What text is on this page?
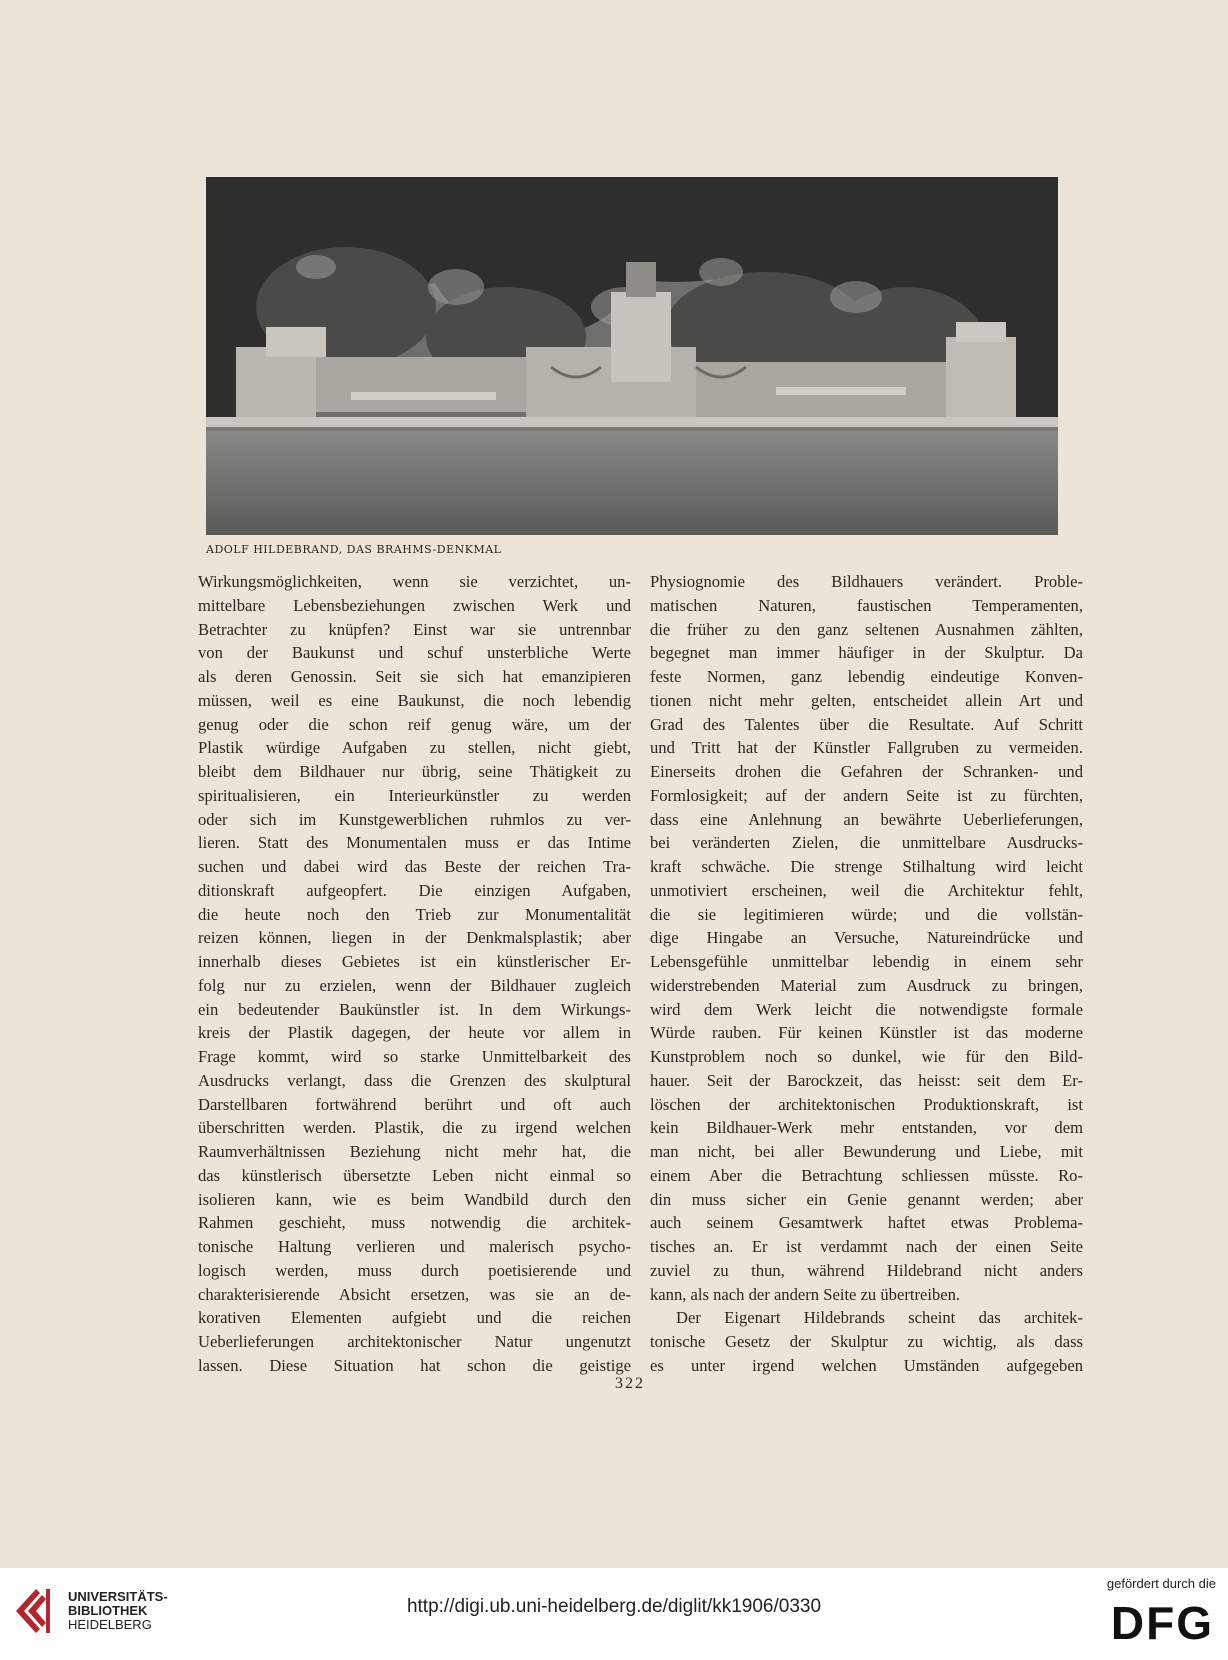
ADOLF HILDEBRAND, DAS BRAHMS-DENKMAL
Wirkungsmöglichkeiten, wenn sie verzichtet, un-
mittelbare Lebensbeziehungen zwischen Werk und
Betrachter zu knüpfen? Einst war sie untrennbar
von der Baukunst und schuf unsterbliche Werte
als deren Genossin. Seit sie sich hat emanzipieren
müssen, weil es eine Baukunst, die noch lebendig
genug oder die schon reif genug wäre, um der
Plastik würdige Aufgaben zu stellen, nicht giebt,
bleibt dem Bildhauer nur übrig, seine Thätigkeit zu
spiritualisieren, ein Interieurkünstler zu werden
oder sich im Kunstgewerblichen ruhmlos zu ver-
lieren. Statt des Monumentalen muss er das Intime
suchen und dabei wird das Beste der reichen Tra-
ditionskraft aufgeopfert. Die einzigen Aufgaben,
die heute noch den Trieb zur Monumentalität
reizen können, liegen in der Denkmalsplastik; aber
innerhalb dieses Gebietes ist ein künstlerischer Er-
folg nur zu erzielen, wenn der Bildhauer zugleich
ein bedeutender Baukünstler ist. In dem Wirkungs-
kreis der Plastik dagegen, der heute vor allem in
Frage kommt, wird so starke Unmittelbarkeit des
Ausdrucks verlangt, dass die Grenzen des skulptural
Darstellbaren fortwährend berührt und oft auch
überschritten werden. Plastik, die zu irgend welchen
Raumverhältnissen Beziehung nicht mehr hat, die
das künstlerisch übersetzte Leben nicht einmal so
isolieren kann, wie es beim Wandbild durch den
Rahmen geschieht, muss notwendig die architek-
tonische Haltung verlieren und malerisch psycho-
logisch werden, muss durch poetisierende und
charakterisierende Absicht ersetzen, was sie an de-
korativen Elementen aufgiebt und die reichen
Ueberlieferungen architektonischer Natur ungenutzt
lassen. Diese Situation hat schon die geistige
Physiognomie des Bildhauers verändert. Proble-
matischen Naturen, faustischen Temperamenten,
die früher zu den ganz seltenen Ausnahmen zählten,
begegnet man immer häufiger in der Skulptur. Da
feste Normen, ganz lebendig eindeutige Konven-
tionen nicht mehr gelten, entscheidet allein Art und
Grad des Talentes über die Resultate. Auf Schritt
und Tritt hat der Künstler Fallgruben zu vermeiden.
Einerseits drohen die Gefahren der Schranken- und
Formlosigkeit; auf der andern Seite ist zu fürchten,
dass eine Anlehnung an bewährte Ueberlieferungen,
bei veränderten Zielen, die unmittelbare Ausdrucks-
kraft schwäche. Die strenge Stilhaltung wird leicht
unmotiviert erscheinen, weil die Architektur fehlt,
die sie legitimieren würde; und die vollstän-
dige Hingabe an Versuche, Natureindrücke und
Lebensgefühle unmittelbar lebendig in einem sehr
widerstrebenden Material zum Ausdruck zu bringen,
wird dem Werk leicht die notwendigste formale
Würde rauben. Für keinen Künstler ist das moderne
Kunstproblem noch so dunkel, wie für den Bild-
hauer. Seit der Barockzeit, das heisst: seit dem Er-
löschen der architektonischen Produktionskraft, ist
kein Bildhauer-Werk mehr entstanden, vor dem
man nicht, bei aller Bewunderung und Liebe, mit
einem Aber die Betrachtung schliessen müsste. Ro-
din muss sicher ein Genie genannt werden; aber
auch seinem Gesamtwerk haftet etwas Problema-
tisches an. Er ist verdammt nach der einen Seite
zuviel zu thun, während Hildebrand nicht anders
kann, als nach der andern Seite zu übertreiben.
Der Eigenart Hildebrands scheint das architek-
tonische Gesetz der Skulptur zu wichtig, als dass
es unter irgend welchen Umständen aufgegeben
322
UNIVERSITÄTS-
BIBLIOTHEK
HEIDELBERG
http://digi.ub.uni-heidelberg.de/diglit/kk1906/0330
gefördert durch die
DFG
